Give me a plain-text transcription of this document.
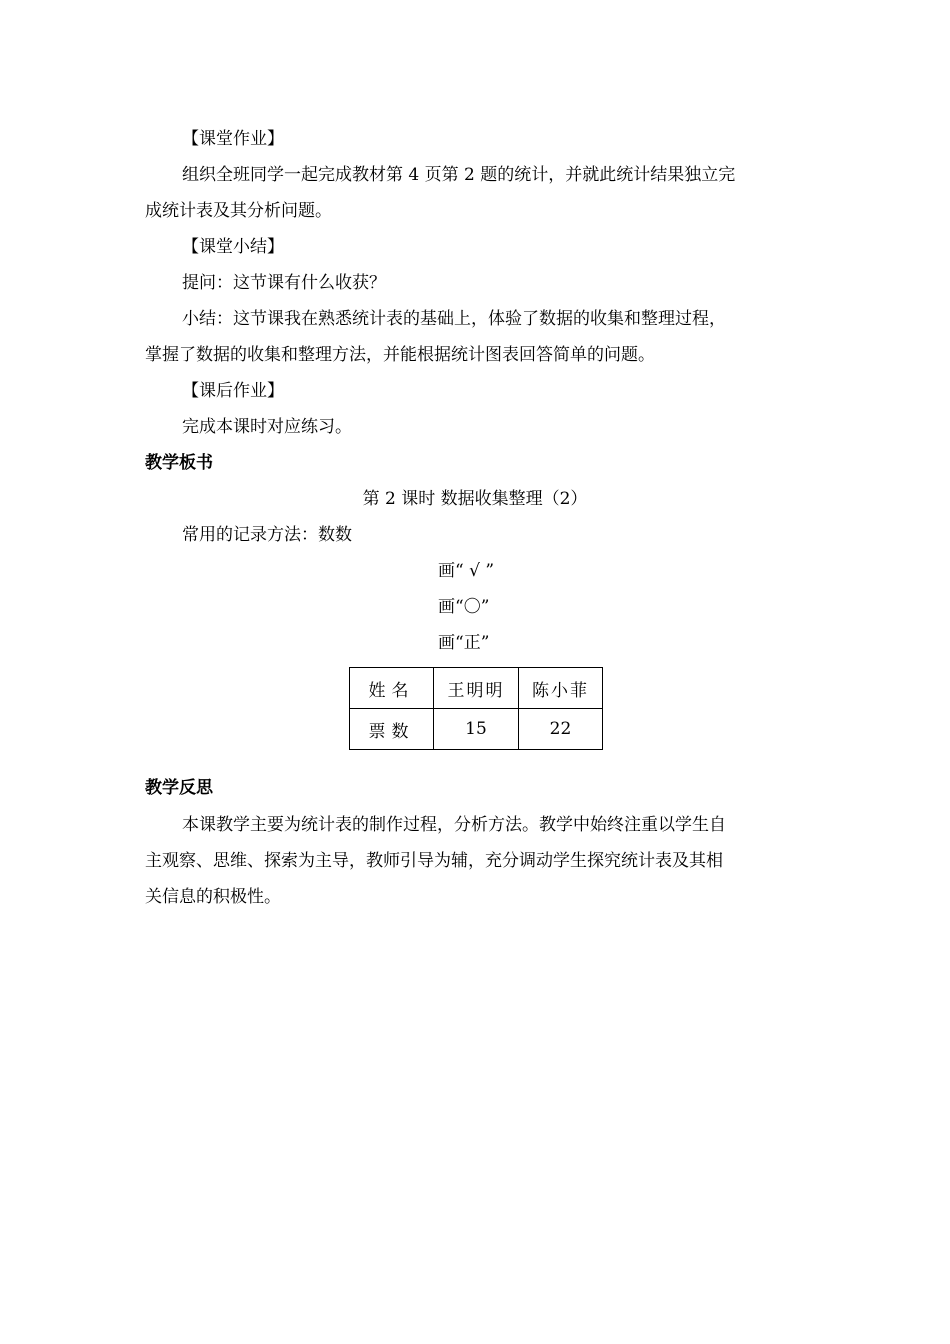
【课堂作业】
组织全班同学一起完成教材第 4 页第 2 题的统计，并就此统计结果独立完
成统计表及其分析问题。
【课堂小结】
提问：这节课有什么收获？
小结：这节课我在熟悉统计表的基础上，体验了数据的收集和整理过程，
掌握了数据的收集和整理方法，并能根据统计图表回答简单的问题。
【课后作业】
完成本课时对应练习。
教学板书
第 2 课时 数据收集整理（2）
常用的记录方法：数数
画“ √ ”
画“〇”
画“正”
姓名	王明明	陈小菲
票数	15	22
教学反思
本课教学主要为统计表的制作过程，分析方法。教学中始终注重以学生自
主观察、思维、探索为主导，教师引导为辅，充分调动学生探究统计表及其相
关信息的积极性。
